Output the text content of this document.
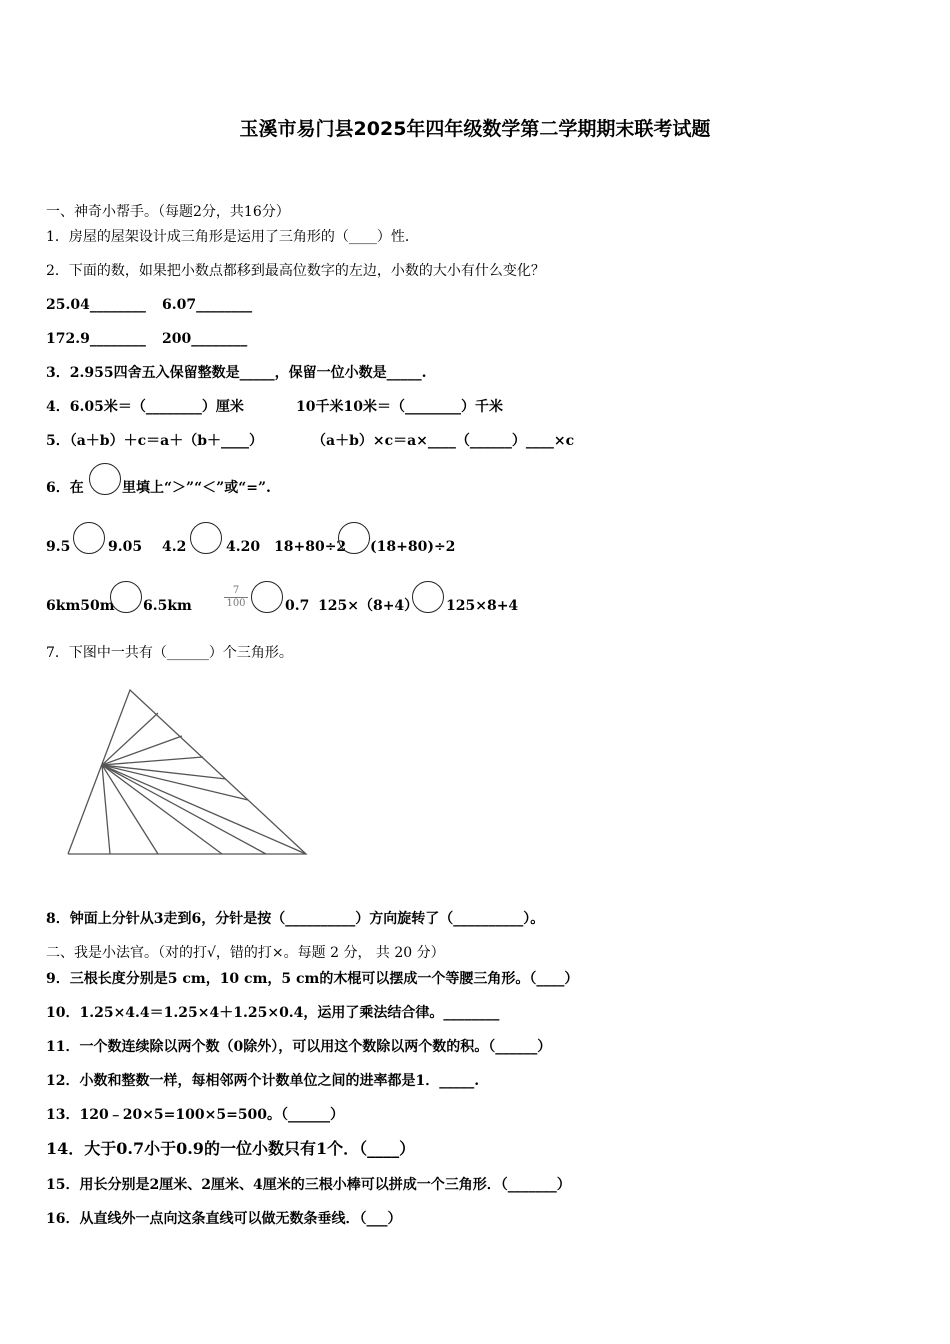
玉溪市易门县2025年四年级数学第二学期期末联考试题
一、神奇小帮手。（每题2分，共16分）
1．房屋的屋架设计成三角形是运用了三角形的（____）性．
2．下面的数，如果把小数点都移到最高位数字的左边，小数的大小有什么变化？
25.04________ 6.07________
172.9________ 200________
3．2.955四舍五入保留整数是_____，保留一位小数是_____.
4．6.05米＝（________）厘米	10千米10米＝（________）千米
5．（a＋b）＋c＝a＋（b＋____）	（a＋b）×c＝a×____（______）____×c
6．在	里填上“＞”“＜”或“=”.
9.5	9.05 4.2	4.20 18+80÷2 (18+80)÷2
6km50m 6.5km	$\frac{7}{100}$	0.7 125×（8+4） 125×8+4
7．下图中一共有（______）个三角形。
8．钟面上分针从3走到6，分针是按（__________）方向旋转了（__________）。
二、我是小法官。（对的打√，错的打×。每题 2 分， 共 20 分）
9．三根长度分别是5 cm，10 cm，5 cm的木棍可以摆成一个等腰三角形。（____）
10．1.25×4.4＝1.25×4＋1.25×0.4，运用了乘法结合律。________
11．一个数连续除以两个数（0除外），可以用这个数除以两个数的积。（______）
12．小数和整数一样，每相邻两个计数单位之间的进率都是1．_____.
13．120﹣20×5=100×5=500。（______）
14．大于0.7小于0.9的一位小数只有1个．（____）
15．用长分别是2厘米、2厘米、4厘米的三根小棒可以拼成一个三角形．（_______）
16．从直线外一点向这条直线可以做无数条垂线．（___）
